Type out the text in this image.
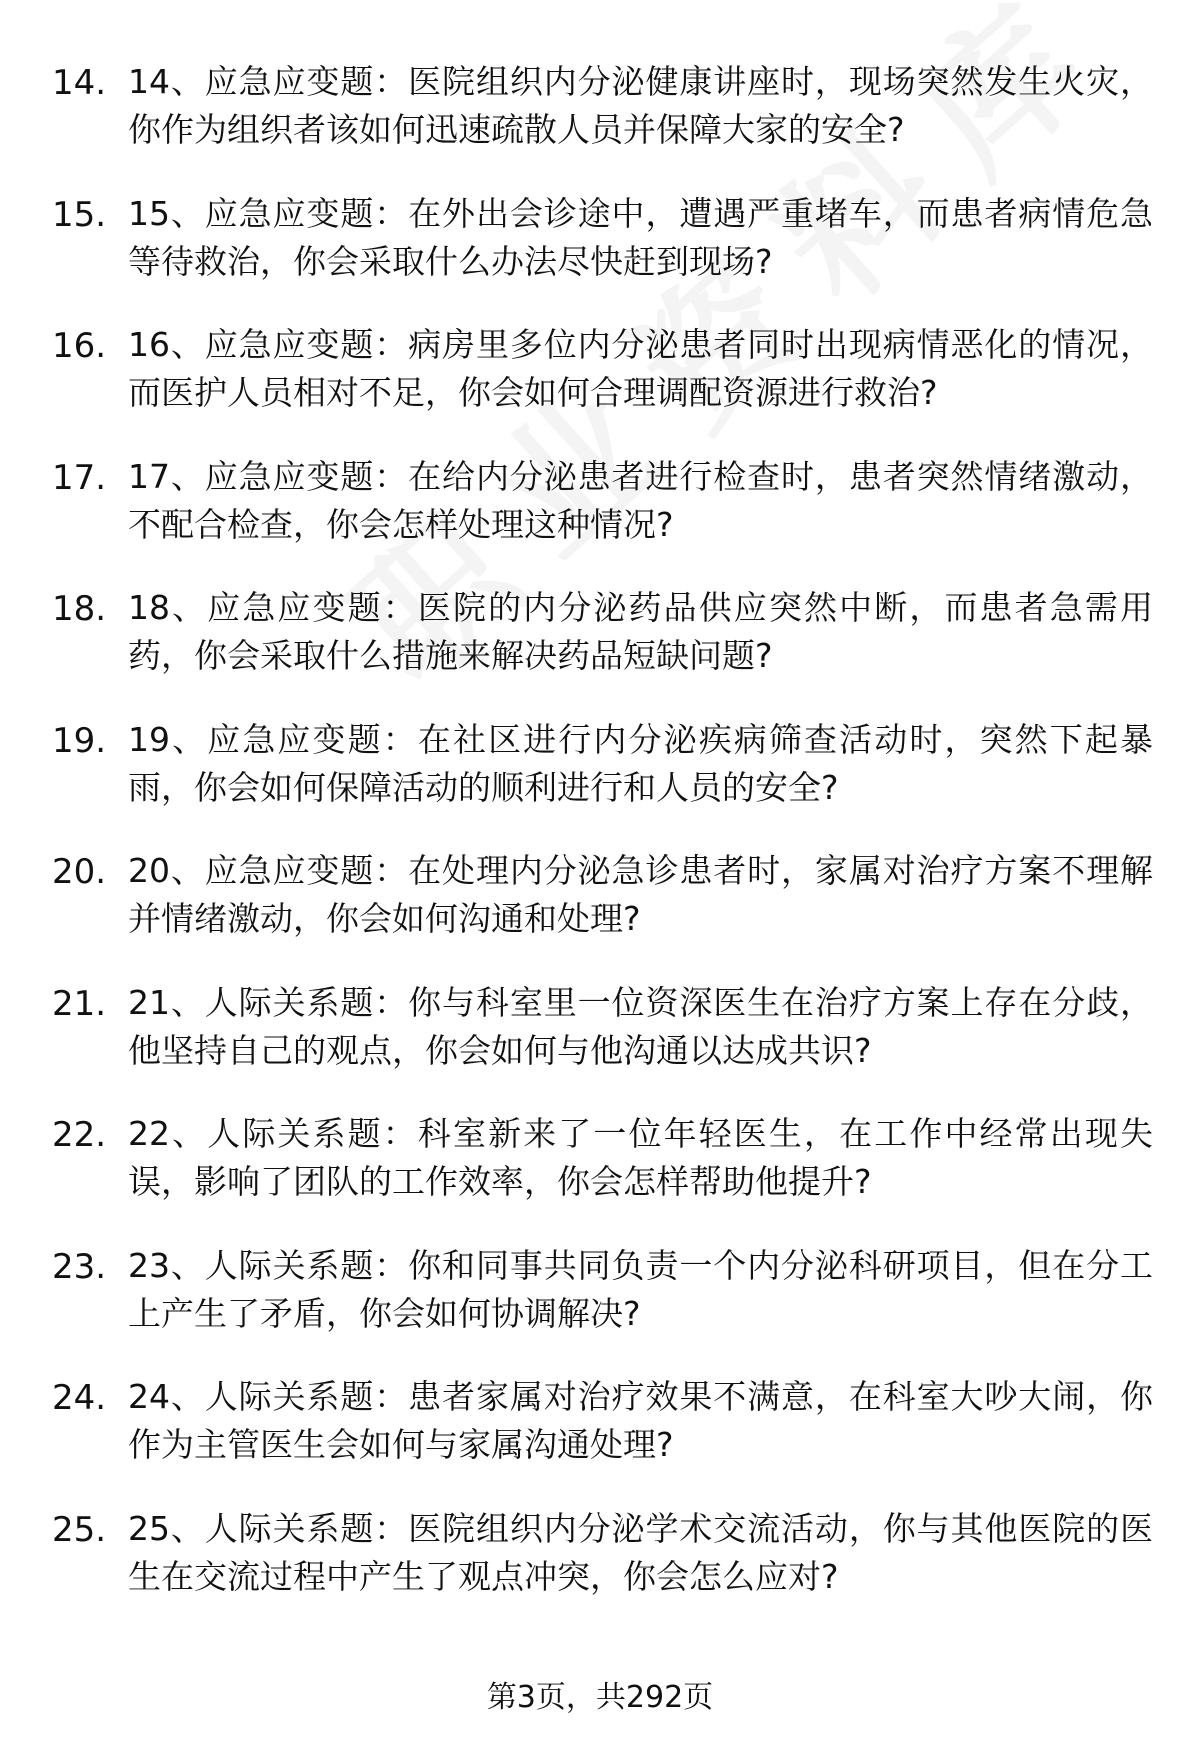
14. 14、应急应变题：医院组织内分泌健康讲座时，现场突然发生火灾，你作为组织者该如何迅速疏散人员并保障大家的安全?
15. 15、应急应变题：在外出会诊途中，遭遇严重堵车，而患者病情危急等待救治，你会采取什么办法尽快赶到现场?
16. 16、应急应变题：病房里多位内分泌患者同时出现病情恶化的情况，而医护人员相对不足，你会如何合理调配资源进行救治?
17. 17、应急应变题：在给内分泌患者进行检查时，患者突然情绪激动，不配合检查，你会怎样处理这种情况?
18. 18、应急应变题：医院的内分泌药品供应突然中断，而患者急需用药，你会采取什么措施来解决药品短缺问题?
19. 19、应急应变题：在社区进行内分泌疾病筛查活动时，突然下起暴雨，你会如何保障活动的顺利进行和人员的安全?
20. 20、应急应变题：在处理内分泌急诊患者时，家属对治疗方案不理解并情绪激动，你会如何沟通和处理?
21. 21、人际关系题：你与科室里一位资深医生在治疗方案上存在分歧，他坚持自己的观点，你会如何与他沟通以达成共识?
22. 22、人际关系题：科室新来了一位年轻医生，在工作中经常出现失误，影响了团队的工作效率，你会怎样帮助他提升?
23. 23、人际关系题：你和同事共同负责一个内分泌科研项目，但在分工上产生了矛盾，你会如何协调解决?
24. 24、人际关系题：患者家属对治疗效果不满意，在科室大吵大闹，你作为主管医生会如何与家属沟通处理?
25. 25、人际关系题：医院组织内分泌学术交流活动，你与其他医院的医生在交流过程中产生了观点冲突，你会怎么应对?
第3页，共292页
